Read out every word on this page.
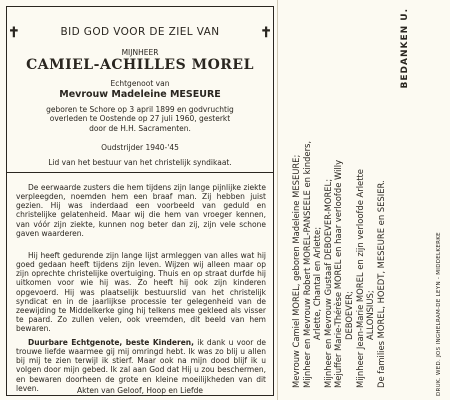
✝	✝
BID GOD VOOR DE ZIEL VAN
MIJNHEER
CAMIEL-ACHILLES MOREL
Echtgenoot van
Mevrouw Madeleine MESEURE
geboren te Schore op 3 april 1899 en godvruchtig
overleden te Oostende op 27 juli 1960, gesterkt
door de H.H. Sacramenten.
Oudstrijder 1940-'45
Lid van het bestuur van het christelijk syndikaat.

De eerwaarde zusters die hem tijdens zijn lange pijnlijke ziekte verpleegden, noemden hem een braaf man. Zij hebben juist gezien. Hij was inderdaad een voorbeeld van geduld en christelijke gelatenheid. Maar wij die hem van vroeger kennen, van vóór zijn ziekte, kunnen nog beter dan zij, zijn vele schone gaven waarderen.

Hij heeft gedurende zijn lange lijst armleggen van alles wat hij goed gedaan heeft tijdens zijn leven. Wijzen wij alleen maar op zijn oprechte christelijke overtuiging. Thuis en op straat durfde hij uitkomen voor wie hij was. Zo heeft hij ook zijn kinderen opgevoerd. Hij was plaatselijk bestuurslid van het christelijk syndicat en in de jaarlijkse processie ter gelegenheid van de zeewijding te Middelkerke ging hij telkens mee gekleed als visser te paard. Zo zullen velen, ook vreemden, dit beeld van hem bewaren.

Duurbare Echtgenote, beste Kinderen, ik dank u voor de trouwe liefde waarmee gij mij omringd hebt. Ik was zo blij u allen bij mij te zien terwijl ik stierf. Maar ook na mijn dood blijf ik u volgen door mijn gebed. Ik zal aan God dat Hij u zou beschermen, en bewaren doorheen de grote en kleine moeilijkheden van dit leven.	Akten van Geloof, Hoop en Liefde

Mevrouw Camiel MOREL, geboren Madeleine MESEURE; Mijnheer en Mevrouw Robert MOREL-PANSEELE en kinders, Arlette, Chantal en Arlette; Mijnheer en Mevrouw Gustaaf DEBOEVER-MOREL; Mejuffer Marie-Thérèse MOREL en haar verloofde Willy DEBOEVER; Mijnheer Jean-Marie MOREL en zijn verloofde Arlette ALLONSIUS; De families MOREL, HOEDT, MESEURE en SESIER.

BEDANKEN U.
DRUK. WED. JOS INGHELRAM-DE LEYN - MIDDELKERKE
